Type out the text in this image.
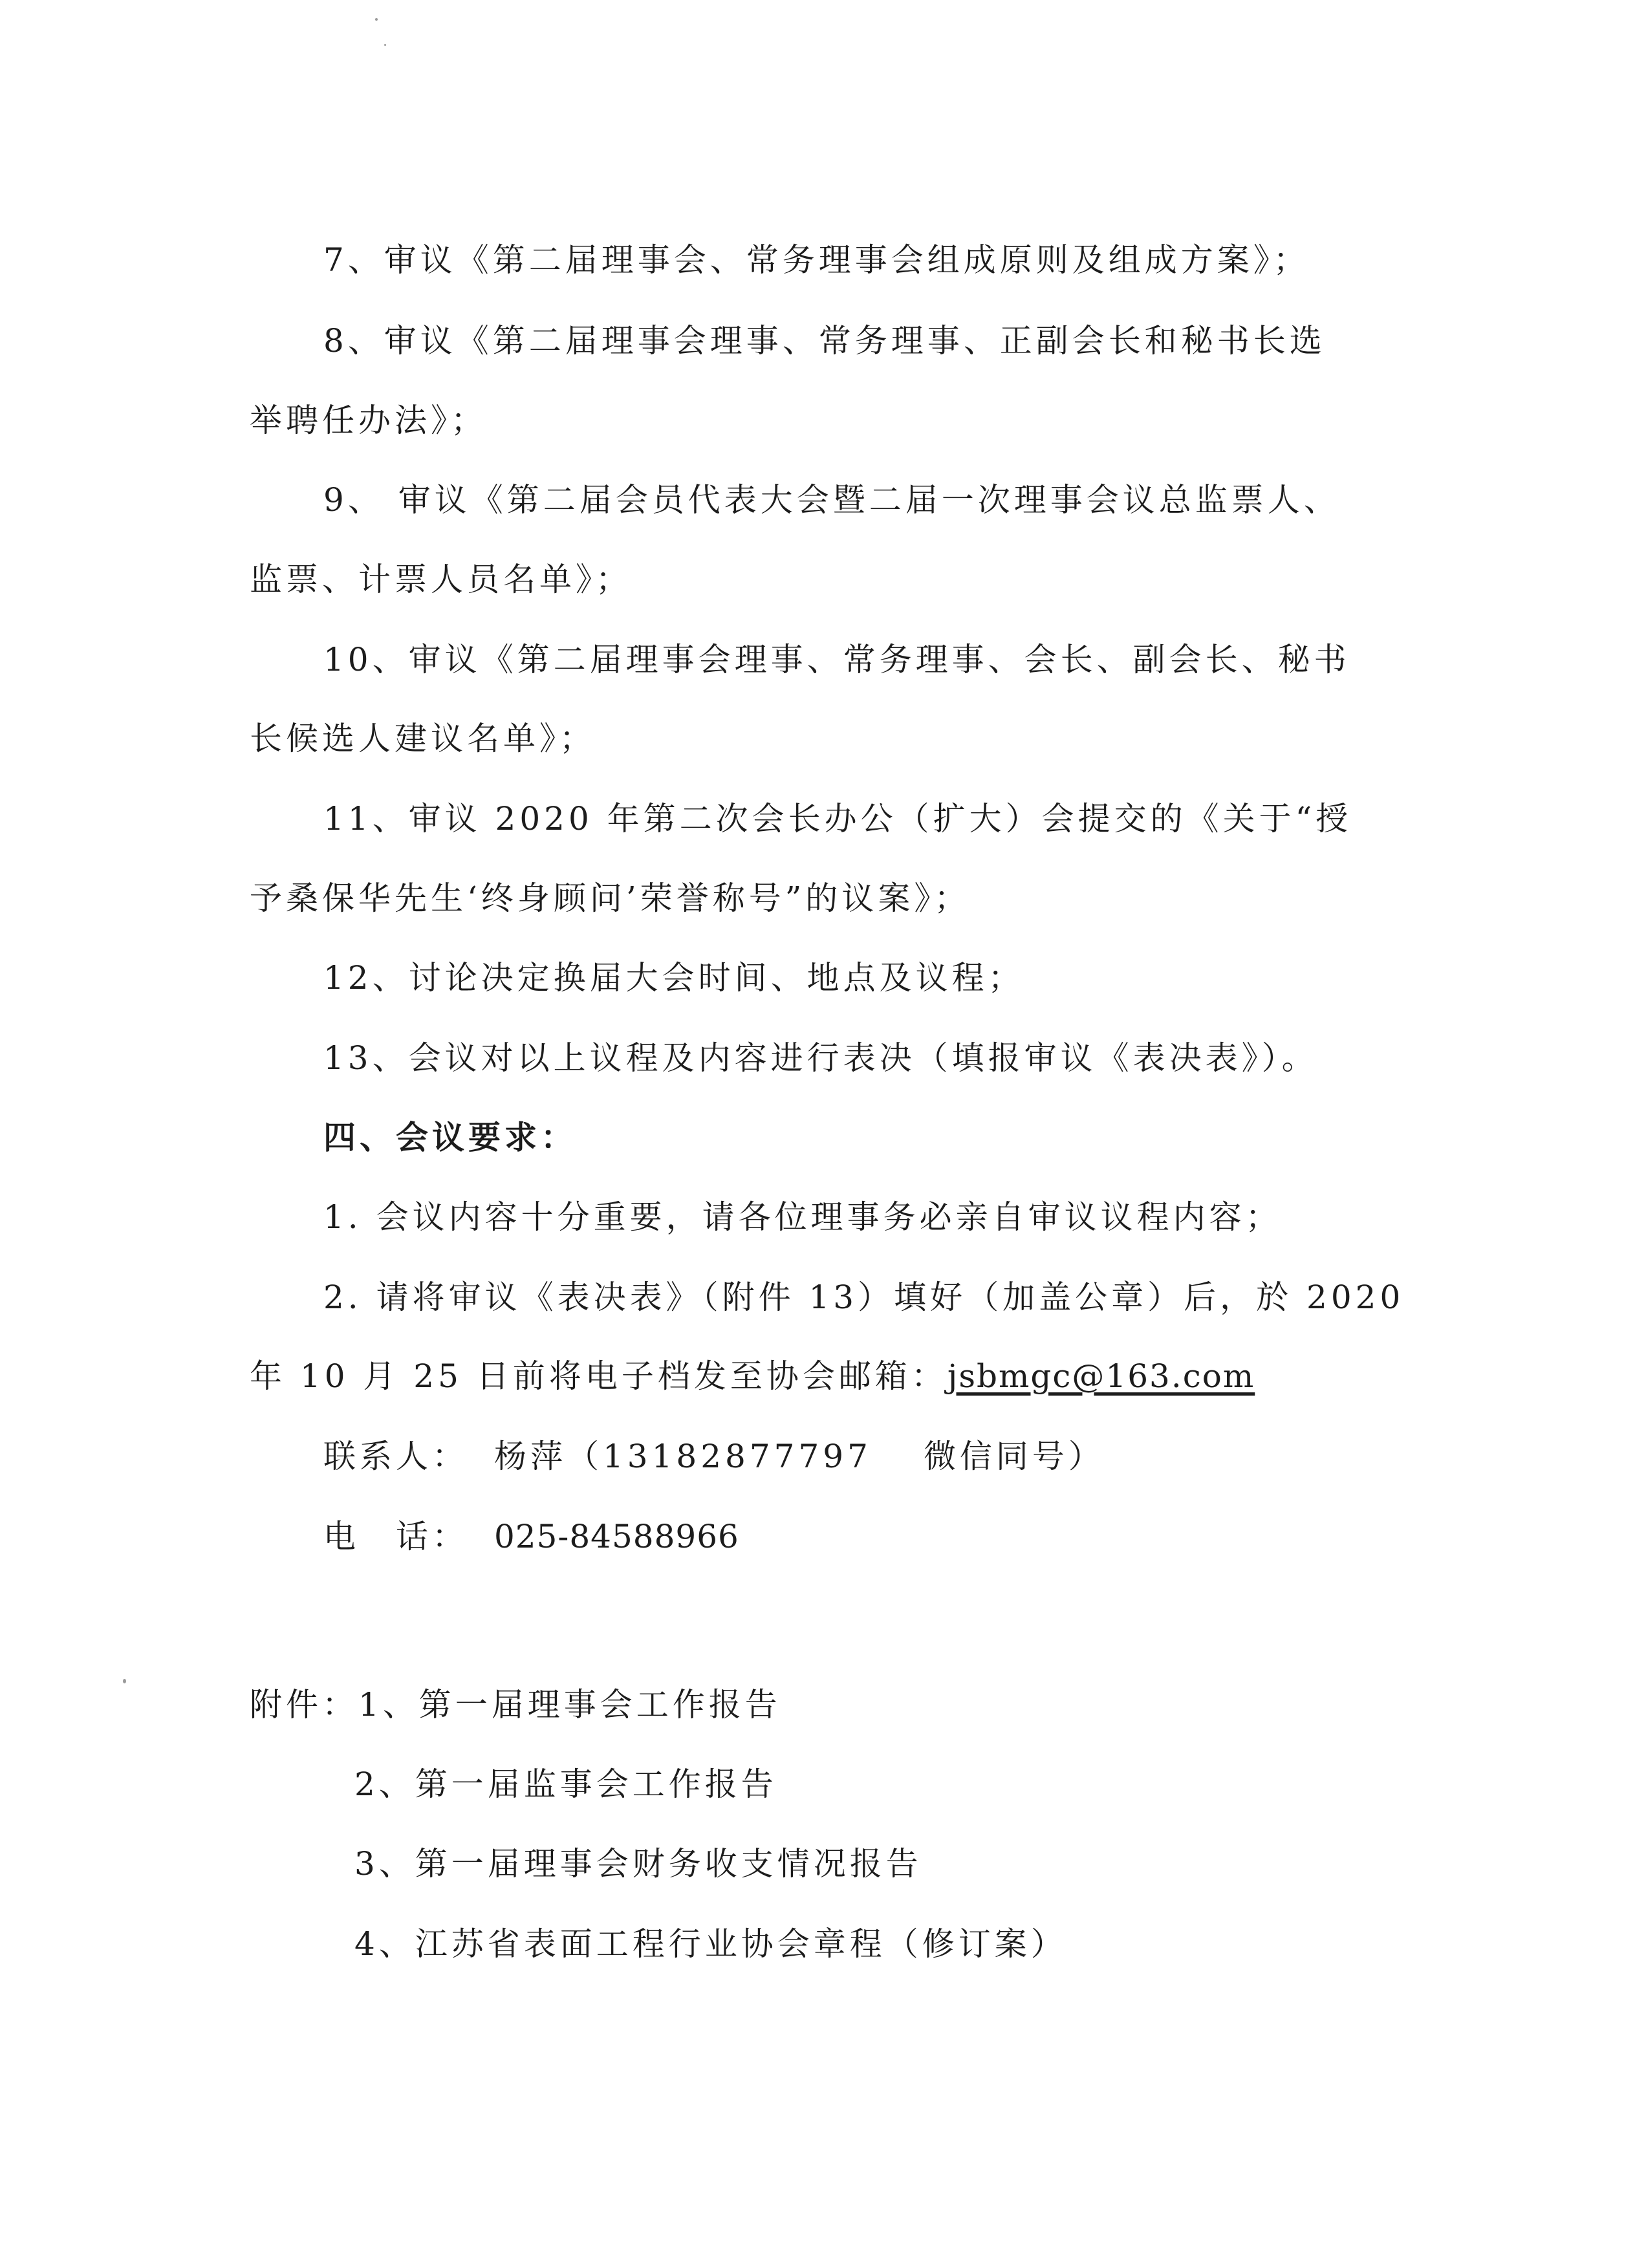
7、审议《第二届理事会、常务理事会组成原则及组成方案》；
8、审议《第二届理事会理事、常务理事、正副会长和秘书长选
举聘任办法》；
9、 审议《第二届会员代表大会暨二届一次理事会议总监票人、
监票、计票人员名单》；
10、审议《第二届理事会理事、常务理事、会长、副会长、秘书
长候选人建议名单》；
11、审议 2020 年第二次会长办公（扩大）会提交的《关于“授
予桑保华先生‘终身顾问’荣誉称号”的议案》；
12、讨论决定换届大会时间、地点及议程；
13、会议对以上议程及内容进行表决（填报审议《表决表》）。
四、会议要求：
1. 会议内容十分重要，请各位理事务必亲自审议议程内容；
2. 请将审议《表决表》（附件 13）填好（加盖公章）后，於 2020
年 10 月 25 日前将电子档发至协会邮箱：jsbmgc@163.com
联系人： 杨萍（13182877797 微信同号）
电　话： 025-84588966
附件：1、第一届理事会工作报告
2、第一届监事会工作报告
3、第一届理事会财务收支情况报告
4、江苏省表面工程行业协会章程（修订案）
